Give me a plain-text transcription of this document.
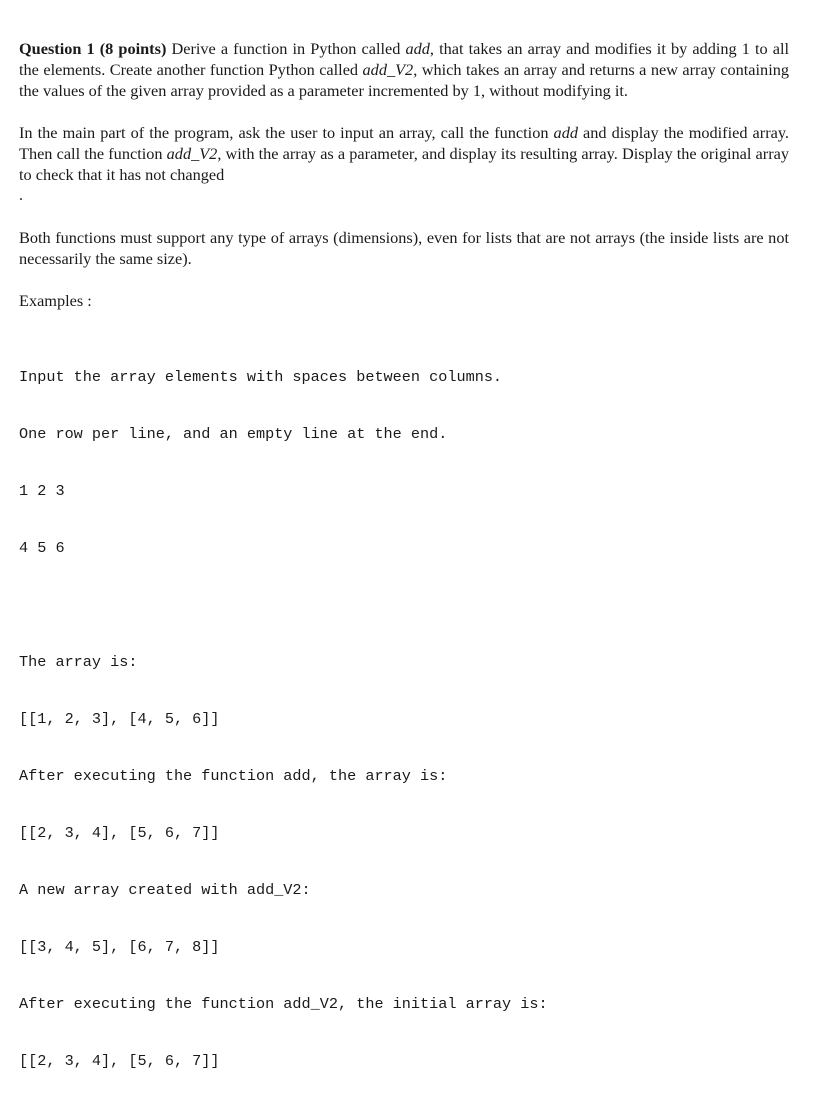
Question 1 (8 points) Derive a function in Python called add, that takes an array and modifies it by adding 1 to all the elements. Create another function Python called add_V2, which takes an array and returns a new array containing the values of the given array provided as a parameter incremented by 1, without modifying it.

In the main part of the program, ask the user to input an array, call the function add and display the modified array. Then call the function add_V2, with the array as a parameter, and display its resulting array. Display the original array to check that it has not changed

.

Both functions must support any type of arrays (dimensions), even for lists that are not arrays (the inside lists are not necessarily the same size).

Examples :

Input the array elements with spaces between columns.

One row per line, and an empty line at the end.

1 2 3

4 5 6

The array is:

[[1, 2, 3], [4, 5, 6]]

After executing the function add, the array is:

[[2, 3, 4], [5, 6, 7]]

A new array created with add_V2:

[[3, 4, 5], [6, 7, 8]]

After executing the function add_V2, the initial array is:

[[2, 3, 4], [5, 6, 7]]
